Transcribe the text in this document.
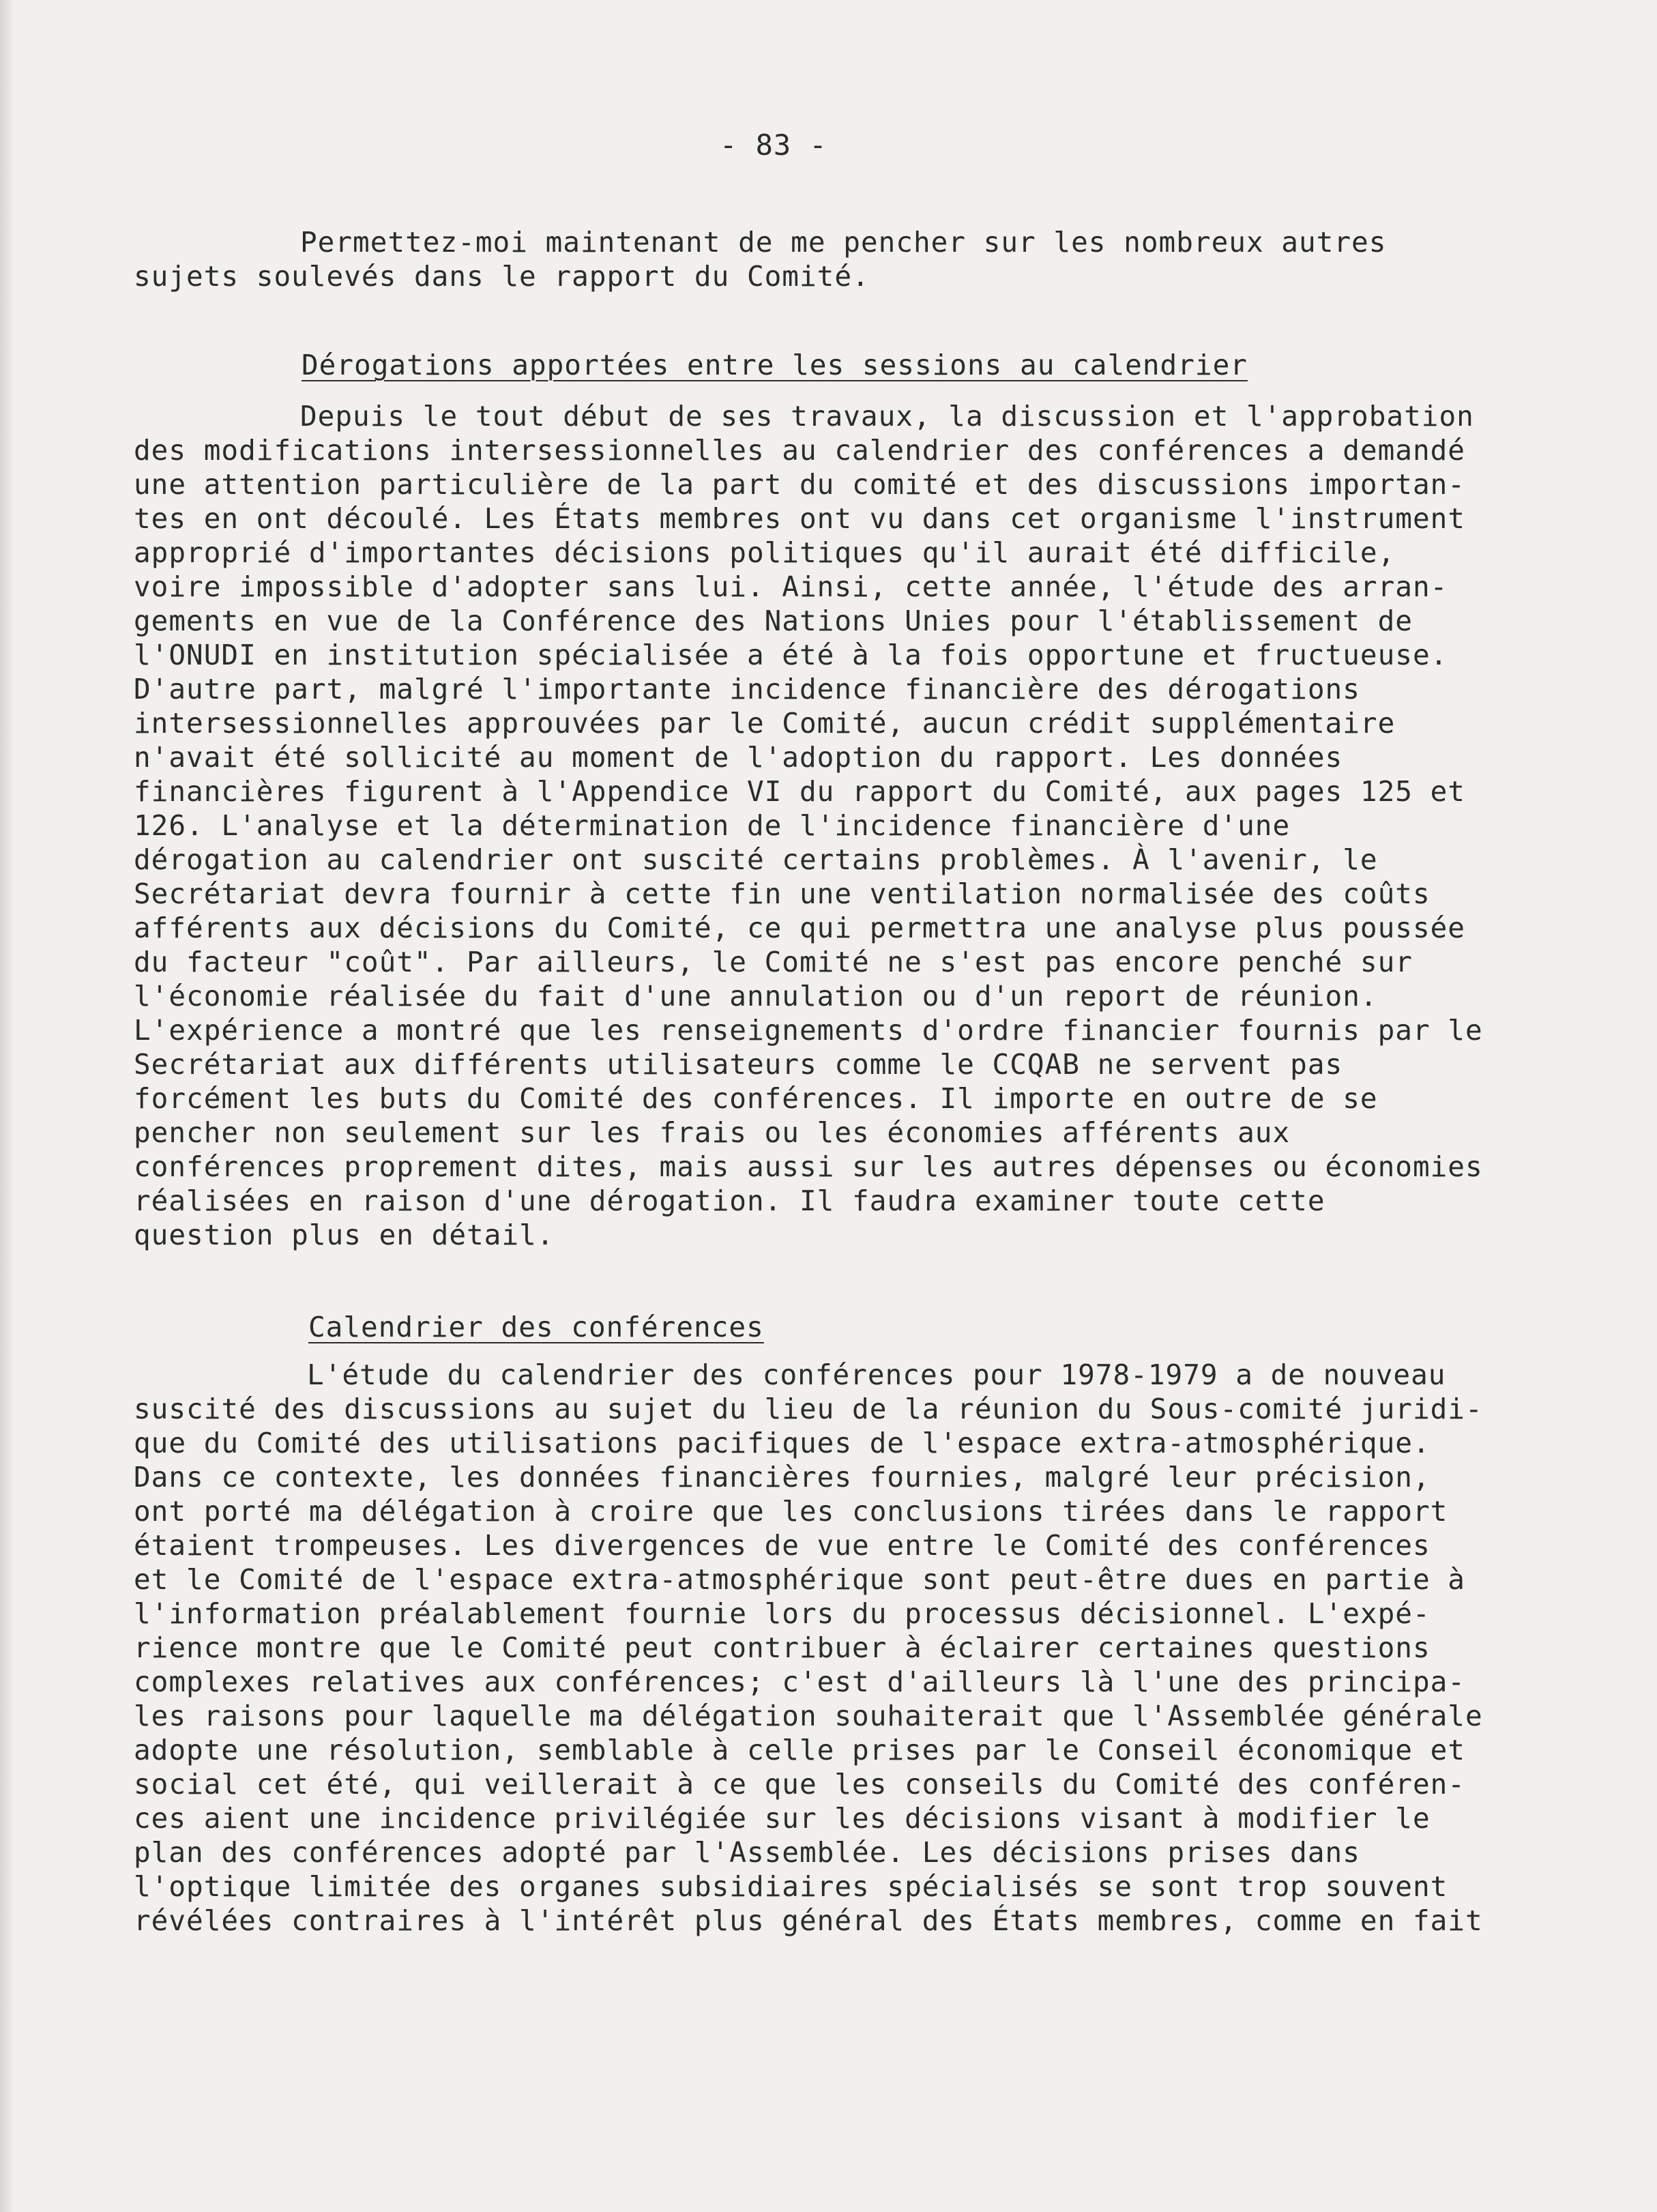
- 83 -
Permettez-moi maintenant de me pencher sur les nombreux autres
sujets soulevés dans le rapport du Comité.
Dérogations apportées entre les sessions au calendrier
Depuis le tout début de ses travaux, la discussion et l'approbation
des modifications intersessionnelles au calendrier des conférences a demandé
une attention particulière de la part du comité et des discussions importan-
tes en ont découlé. Les États membres ont vu dans cet organisme l'instrument
approprié d'importantes décisions politiques qu'il aurait été difficile,
voire impossible d'adopter sans lui. Ainsi, cette année, l'étude des arran-
gements en vue de la Conférence des Nations Unies pour l'établissement de
l'ONUDI en institution spécialisée a été à la fois opportune et fructueuse.
D'autre part, malgré l'importante incidence financière des dérogations
intersessionnelles approuvées par le Comité, aucun crédit supplémentaire
n'avait été sollicité au moment de l'adoption du rapport. Les données
financières figurent à l'Appendice VI du rapport du Comité, aux pages 125 et
126. L'analyse et la détermination de l'incidence financière d'une
dérogation au calendrier ont suscité certains problèmes. À l'avenir, le
Secrétariat devra fournir à cette fin une ventilation normalisée des coûts
afférents aux décisions du Comité, ce qui permettra une analyse plus poussée
du facteur "coût". Par ailleurs, le Comité ne s'est pas encore penché sur
l'économie réalisée du fait d'une annulation ou d'un report de réunion.
L'expérience a montré que les renseignements d'ordre financier fournis par le
Secrétariat aux différents utilisateurs comme le CCQAB ne servent pas
forcément les buts du Comité des conférences. Il importe en outre de se
pencher non seulement sur les frais ou les économies afférents aux
conférences proprement dites, mais aussi sur les autres dépenses ou économies
réalisées en raison d'une dérogation. Il faudra examiner toute cette
question plus en détail.
Calendrier des conférences
L'étude du calendrier des conférences pour 1978-1979 a de nouveau
suscité des discussions au sujet du lieu de la réunion du Sous-comité juridi-
que du Comité des utilisations pacifiques de l'espace extra-atmosphérique.
Dans ce contexte, les données financières fournies, malgré leur précision,
ont porté ma délégation à croire que les conclusions tirées dans le rapport
étaient trompeuses. Les divergences de vue entre le Comité des conférences
et le Comité de l'espace extra-atmosphérique sont peut-être dues en partie à
l'information préalablement fournie lors du processus décisionnel. L'expé-
rience montre que le Comité peut contribuer à éclairer certaines questions
complexes relatives aux conférences; c'est d'ailleurs là l'une des principa-
les raisons pour laquelle ma délégation souhaiterait que l'Assemblée générale
adopte une résolution, semblable à celle prises par le Conseil économique et
social cet été, qui veillerait à ce que les conseils du Comité des conféren-
ces aient une incidence privilégiée sur les décisions visant à modifier le
plan des conférences adopté par l'Assemblée. Les décisions prises dans
l'optique limitée des organes subsidiaires spécialisés se sont trop souvent
révélées contraires à l'intérêt plus général des États membres, comme en fait
